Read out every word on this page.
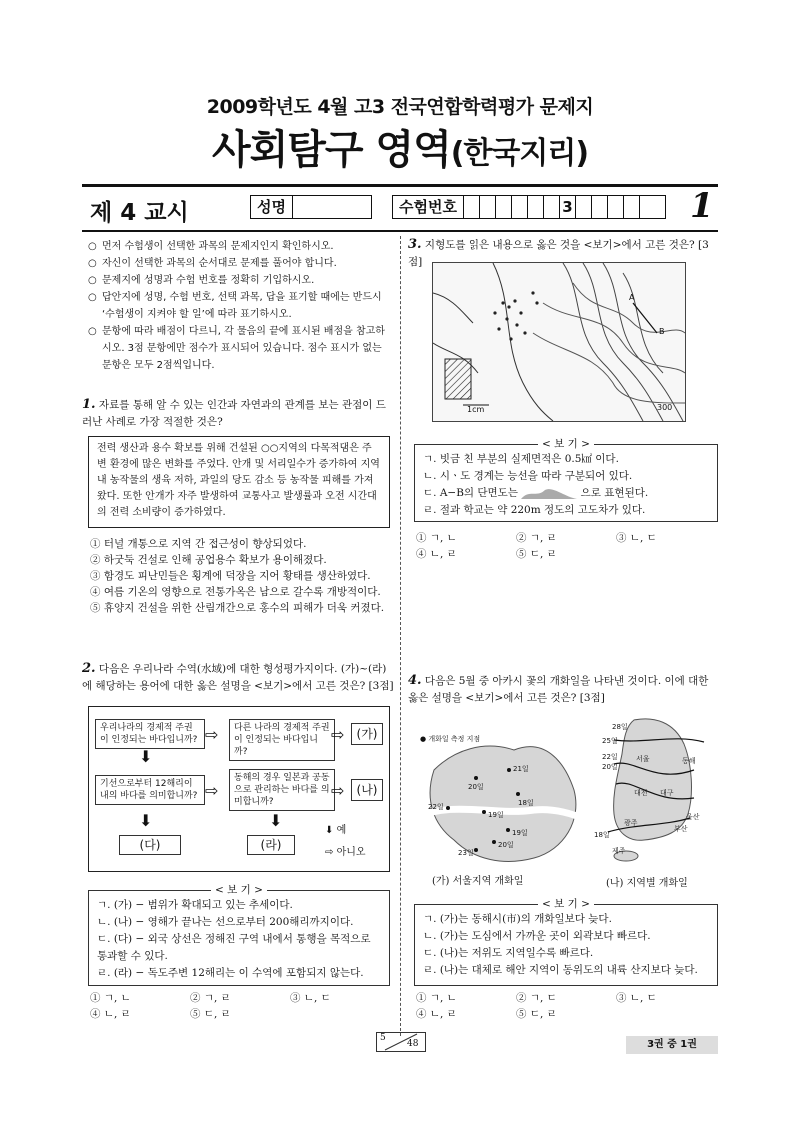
2009학년도 4월 고3 전국연합학력평가 문제지
사회탐구 영역(한국지리)
제 4 교시	성명	수험번호	3	1
○ 먼저 수험생이 선택한 과목의 문제지인지 확인하시오.
○ 자신이 선택한 과목의 순서대로 문제를 풀어야 합니다.
○ 문제지에 성명과 수험 번호를 정확히 기입하시오.
○ 답안지에 성명, 수험 번호, 선택 과목, 답을 표기할 때에는 반드시 ‘수험생이 지켜야 할 일’에 따라 표기하시오.
○ 문항에 따라 배점이 다르니, 각 물음의 끝에 표시된 배점을 참고하시오. 3점 문항에만 점수가 표시되어 있습니다. 점수 표시가 없는 문항은 모두 2점씩입니다.
1. 자료를 통해 알 수 있는 인간과 자연과의 관계를 보는 관점이 드러난 사례로 가장 적절한 것은?
전력 생산과 용수 확보를 위해 건설된 ○○지역의 다목적댐은 주변 환경에 많은 변화를 주었다. 안개 및 서리일수가 증가하여 지역 내 농작물의 생육 저하, 과일의 당도 감소 등 농작물 피해를 가져 왔다. 또한 안개가 자주 발생하여 교통사고 발생률과 오전 시간대의 전력 소비량이 증가하였다.
① 터널 개통으로 지역 간 접근성이 향상되었다.
② 하굿둑 건설로 인해 공업용수 확보가 용이해졌다.
③ 함경도 피난민들은 횡계에 덕장을 지어 황태를 생산하였다.
④ 여름 기온의 영향으로 전통가옥은 남으로 갈수록 개방적이다.
⑤ 휴양지 건설을 위한 산림개간으로 홍수의 피해가 더욱 커졌다.
2. 다음은 우리나라 수역(水域)에 대한 형성평가지이다. (가)~(라)에 해당하는 용어에 대한 옳은 설명을 <보기>에서 고른 것은? [3점]
우리나라의 경제적 주권이 인정되는 바다입니까? ⇨	다른 나라의 경제적 주권이 인정되는 바다입니까?
⇨	(가)
⬇
기선으로부터 12해리이내의 바다를 의미합니까? ⇨
동해의 경우 일본과 공동으로 관리하는 바다를 의미합니까?
⇨	(나)
⬇	⬇
(다)	(라)
⬇ 예
⇨ 아니오
< 보 기 >
ㄱ. (가) − 범위가 확대되고 있는 추세이다.
ㄴ. (나) − 영해가 끝나는 선으로부터 200해리까지이다.
ㄷ. (다) − 외국 상선은 정해진 구역 내에서 통행을 목적으로 통과할 수 있다.
ㄹ. (라) − 독도주변 12해리는 이 수역에 포함되지 않는다.
① ㄱ, ㄴ	② ㄱ, ㄹ	③ ㄴ, ㄷ
④ ㄴ, ㄹ	⑤ ㄷ, ㄹ
3. 지형도를 읽은 내용으로 옳은 것을 <보기>에서 고른 것은? [3점]
1cm
B
A
300
< 보 기 >
ㄱ. 빗금 친 부분의 실제면적은 0.5㎢ 이다.
ㄴ. 시ㆍ도 경계는 능선을 따라 구분되어 있다.
ㄷ. A−B의 단면도는	으로 표현된다.
ㄹ. 절과 학교는 약 220m 정도의 고도차가 있다.
① ㄱ, ㄴ	② ㄱ, ㄹ	③ ㄴ, ㄷ
④ ㄴ, ㄹ	⑤ ㄷ, ㄹ
4. 다음은 5월 중 아카시 꽃의 개화일을 나타낸 것이다. 이에 대한 옳은 설명을 <보기>에서 고른 것은? [3점]
● 개화일 측정 지점
21일
20일
18일
22일
19일
19일
20일
23일
28일
25일
22일
20일
서울	동해
대전 대구
울산
부산
광주
18일
제주
(가) 서울지역 개화일	(나) 지역별 개화일
< 보 기 >
ㄱ. (가)는 동해시(市)의 개화일보다 늦다.
ㄴ. (가)는 도심에서 가까운 곳이 외곽보다 빠르다.
ㄷ. (나)는 저위도 지역일수록 빠르다.
ㄹ. (나)는 대체로 해안 지역이 동위도의 내륙 산지보다 늦다.
① ㄱ, ㄴ	② ㄱ, ㄷ	③ ㄴ, ㄷ
④ ㄴ, ㄹ	⑤ ㄷ, ㄹ
5
48	3권 중 1권
